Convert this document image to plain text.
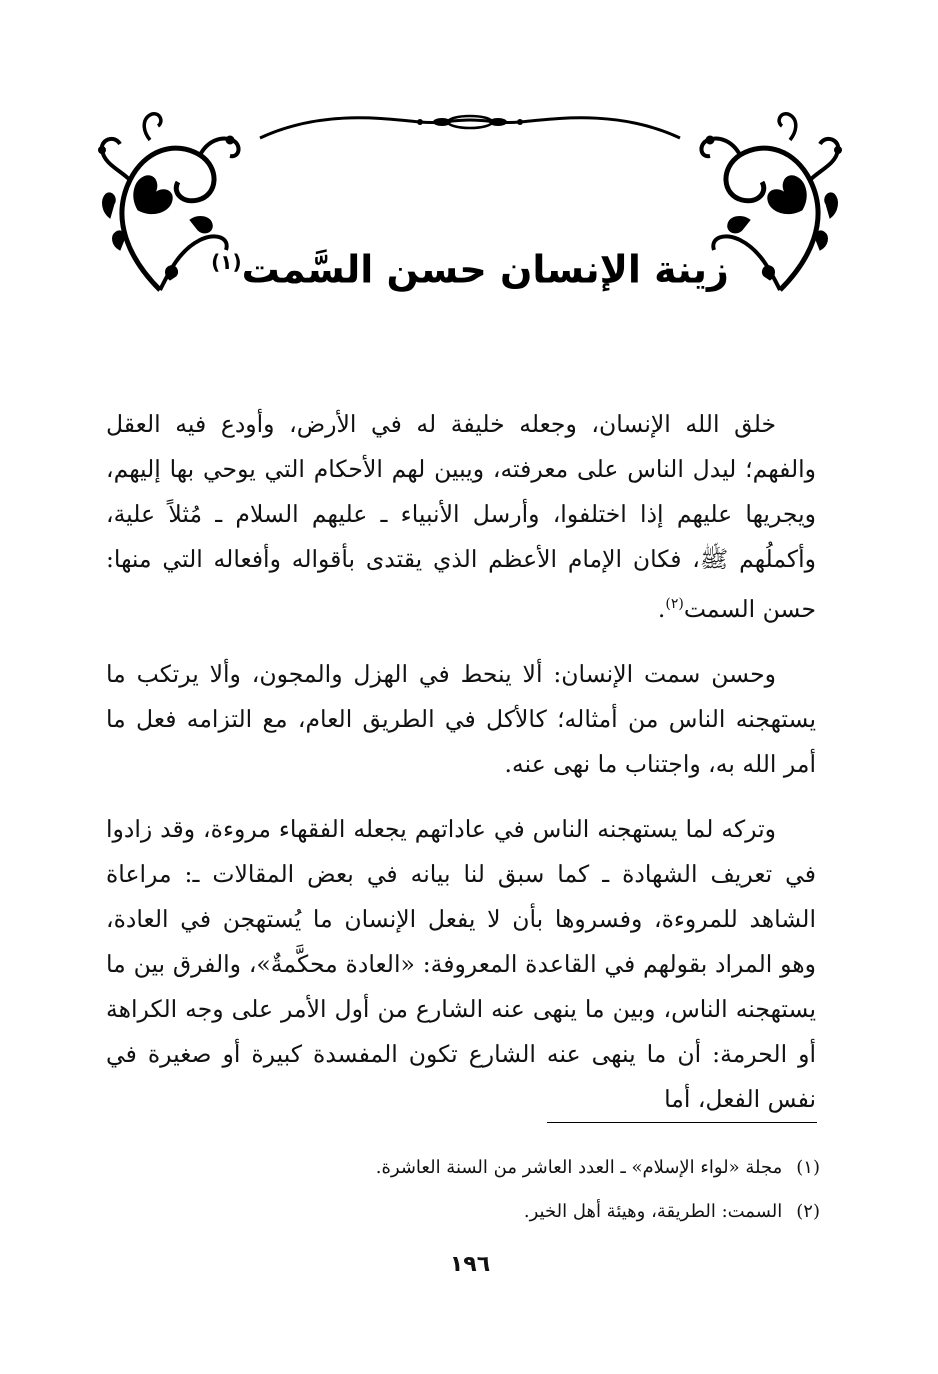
زينة الإنسان حسن السَّمت$^{(١)}$

خلق الله الإنسان، وجعله خليفة له في الأرض، وأودع فيه العقل والفهم؛ ليدل الناس على معرفته، ويبين لهم الأحكام التي يوحي بها إليهم، ويجريها عليهم إذا اختلفوا، وأرسل الأنبياء ـ عليهم السلام ـ مُثلاً علية، وأكملُهم ﷺ، فكان الإمام الأعظم الذي يقتدى بأقواله وأفعاله التي منها: حسن السمت$^{(٢)}$.

وحسن سمت الإنسان: ألا ينحط في الهزل والمجون، وألا يرتكب ما يستهجنه الناس من أمثاله؛ كالأكل في الطريق العام، مع التزامه فعل ما أمر الله به، واجتناب ما نهى عنه.

وتركه لما يستهجنه الناس في عاداتهم يجعله الفقهاء مروءة، وقد زادوا في تعريف الشهادة ـ كما سبق لنا بيانه في بعض المقالات ـ: مراعاة الشاهد للمروءة، وفسروها بأن لا يفعل الإنسان ما يُستهجن في العادة، وهو المراد بقولهم في القاعدة المعروفة: «العادة محكَّمةٌ»، والفرق بين ما يستهجنه الناس، وبين ما ينهى عنه الشارع من أول الأمر على وجه الكراهة أو الحرمة: أن ما ينهى عنه الشارع تكون المفسدة كبيرة أو صغيرة في نفس الفعل، أما

(١)مجلة «لواء الإسلام» ـ العدد العاشر من السنة العاشرة.
(٢)السمت: الطريقة، وهيئة أهل الخير.
١٩٦
